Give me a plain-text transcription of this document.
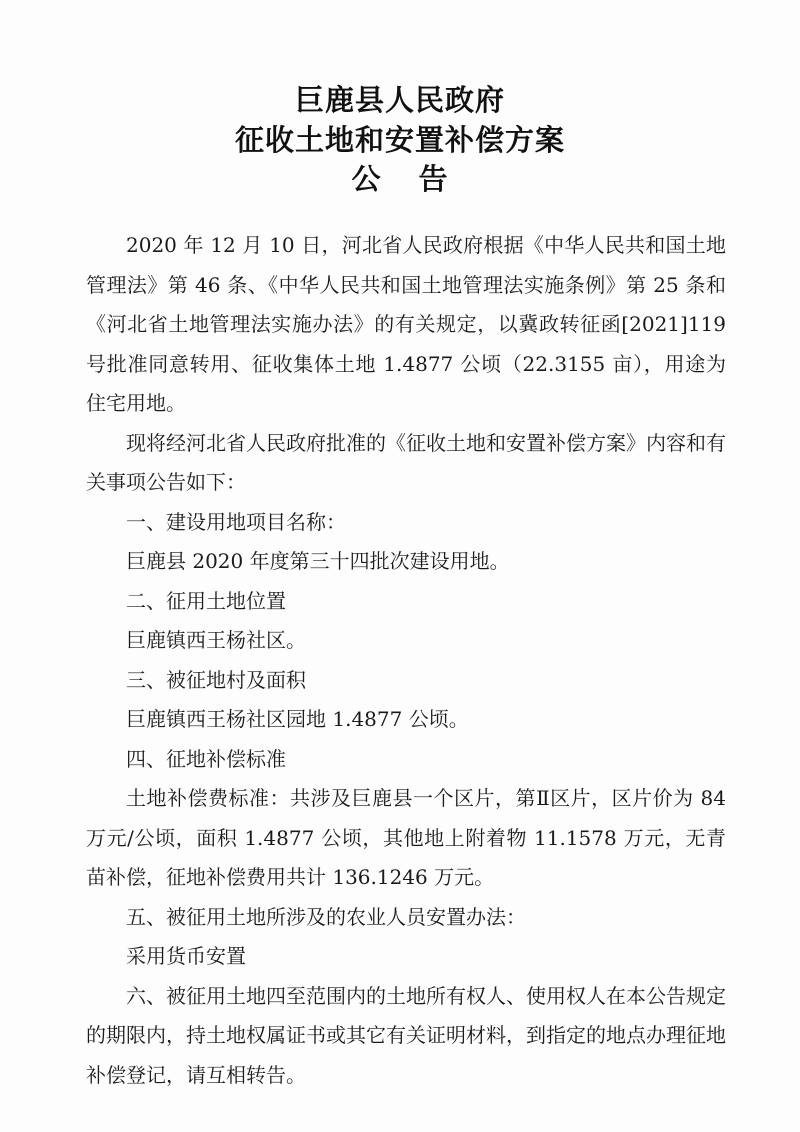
巨鹿县人民政府
征收土地和安置补偿方案
公 告

2020 年 12 月 10 日，河北省人民政府根据《中华人民共和国土地管理法》第 46 条、《中华人民共和国土地管理法实施条例》第 25 条和《河北省土地管理法实施办法》的有关规定，以冀政转征函[2021]119 号批准同意转用、征收集体土地 1.4877 公顷（22.3155 亩），用途为住宅用地。

现将经河北省人民政府批准的《征收土地和安置补偿方案》内容和有关事项公告如下：

一、建设用地项目名称：

巨鹿县 2020 年度第三十四批次建设用地。

二、征用土地位置

巨鹿镇西王杨社区。

三、被征地村及面积

巨鹿镇西王杨社区园地 1.4877 公顷。

四、征地补偿标准

土地补偿费标准：共涉及巨鹿县一个区片，第Ⅱ区片，区片价为 84 万元/公顷，面积 1.4877 公顷，其他地上附着物 11.1578 万元，无青苗补偿，征地补偿费用共计 136.1246 万元。

五、被征用土地所涉及的农业人员安置办法：

采用货币安置

六、被征用土地四至范围内的土地所有权人、使用权人在本公告规定的期限内，持土地权属证书或其它有关证明材料，到指定的地点办理征地补偿登记，请互相转告。
